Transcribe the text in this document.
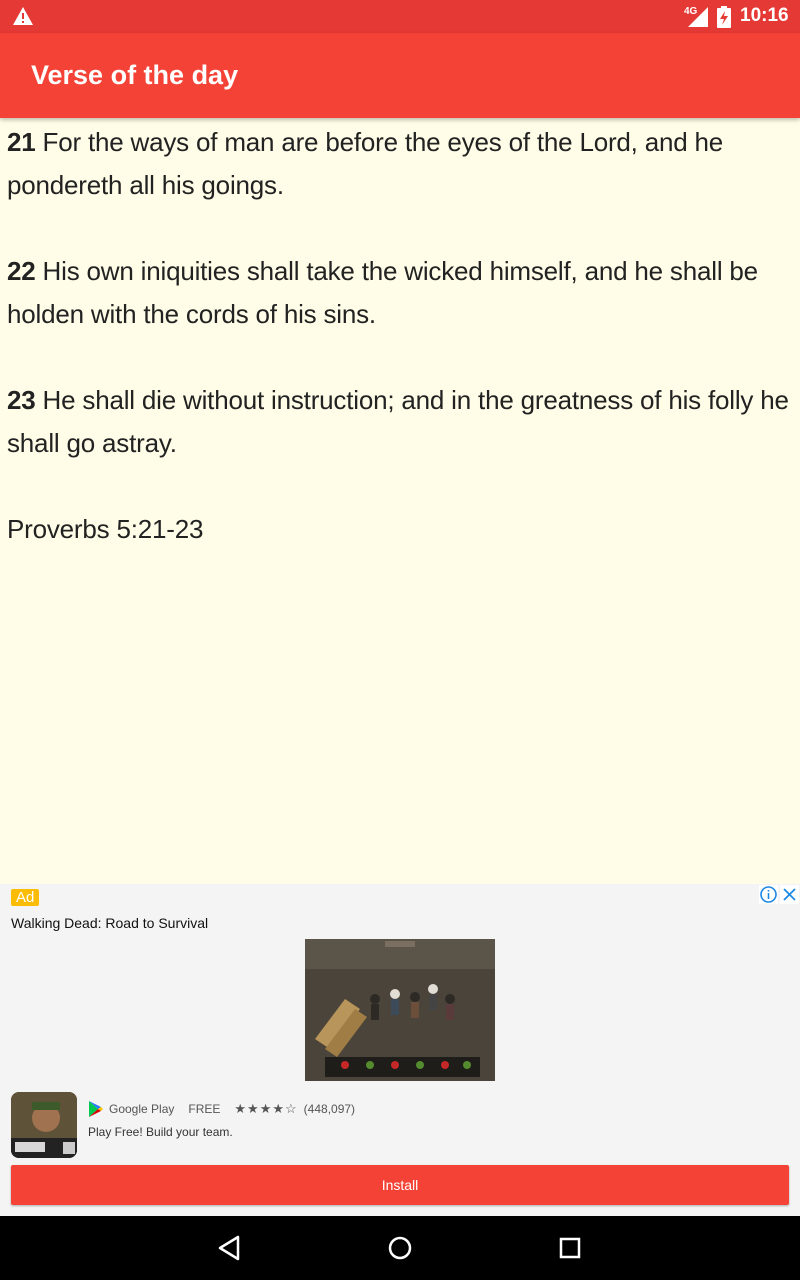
4G 10:16
Verse of the day

21 For the ways of man are before the eyes of the Lord, and he pondereth all his goings.

22 His own iniquities shall take the wicked himself, and he shall be holden with the cords of his sins.

23 He shall die without instruction; and in the greatness of his folly he shall go astray.

Proverbs 5:21-23

Ad
Walking Dead: Road to Survival
Google Play FREE ★★★★☆ (448,097)
Play Free! Build your team.
Install
